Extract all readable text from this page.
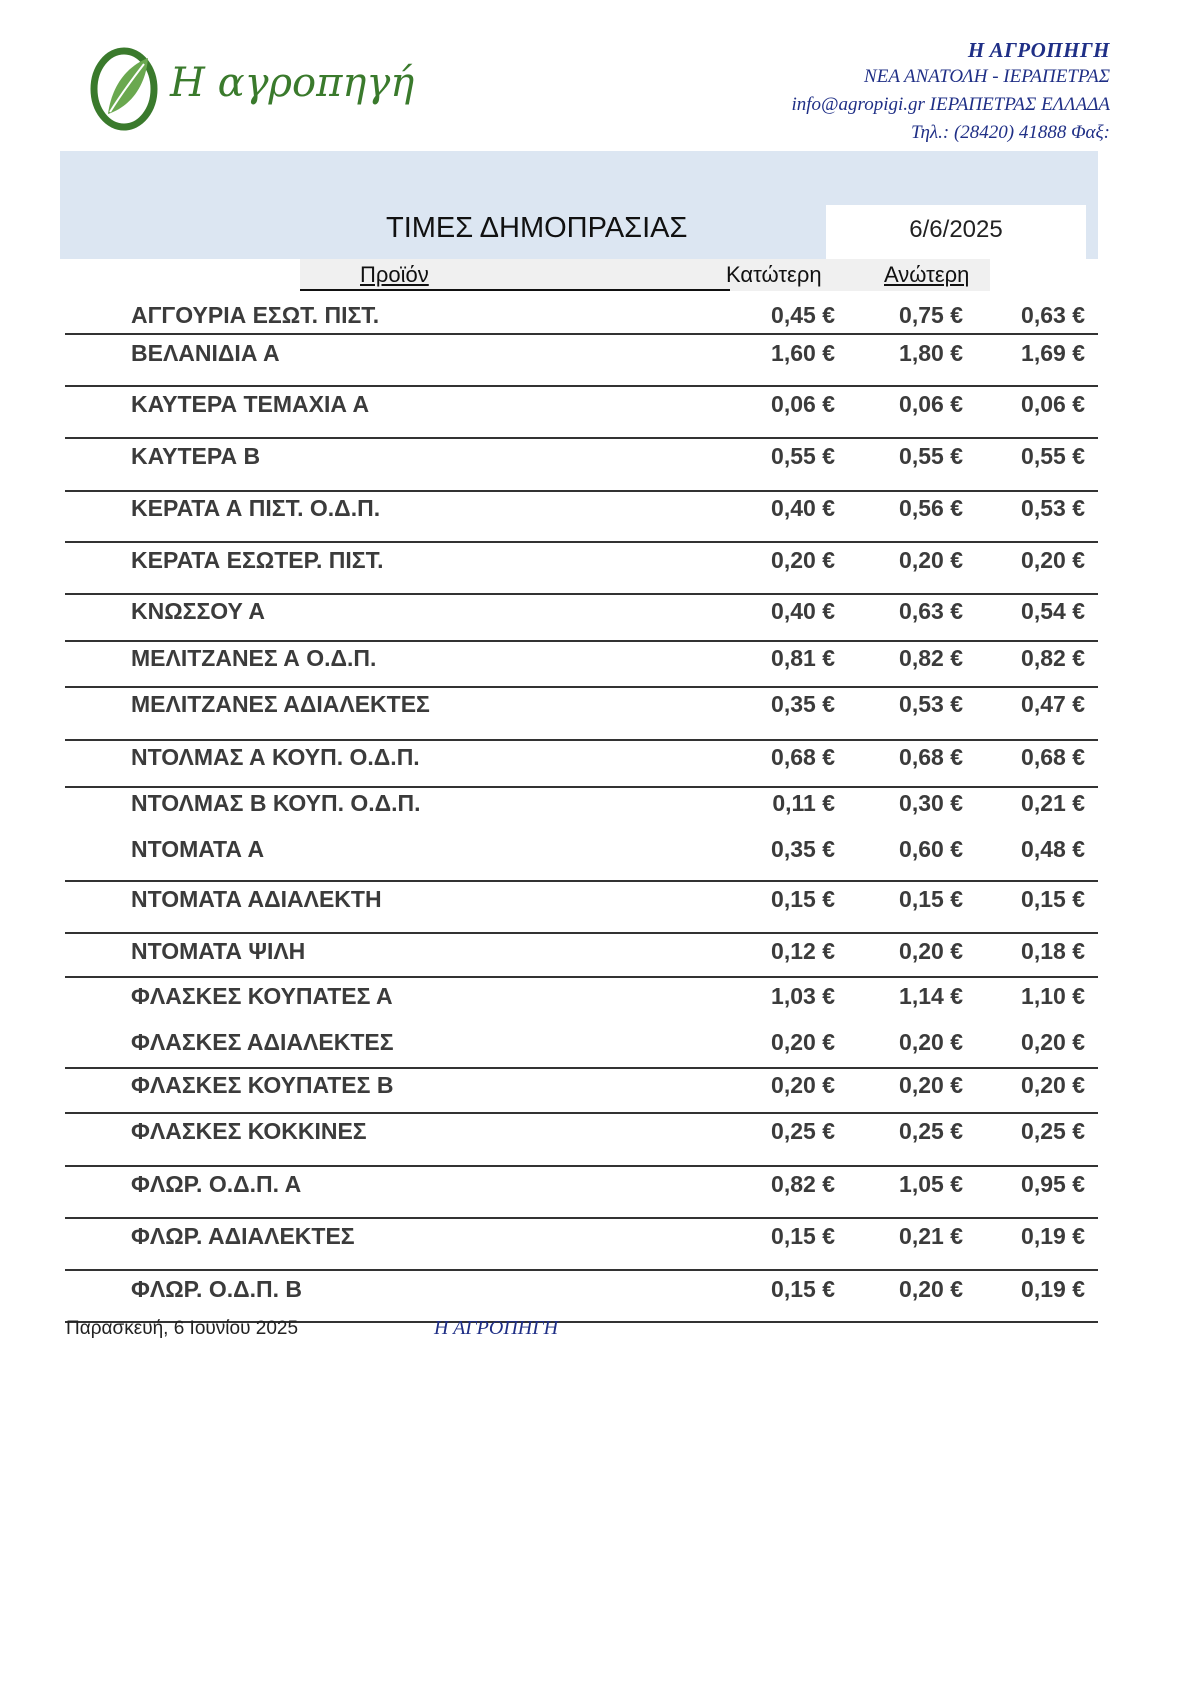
Η αγροπηγή
Η ΑΓΡΟΠΗΓΗ
ΝΕΑ ΑΝΑΤΟΛΗ - ΙΕΡΑΠΕΤΡΑΣ
info@agropigi.gr ΙΕΡΑΠΕΤΡΑΣ ΕΛΛΑΔΑ
Τηλ.: (28420) 41888 Φαξ:
ΤΙΜΕΣ ΔΗΜΟΠΡΑΣΙΑΣ	6/6/2025
Προϊόν	Κατώτερη	Ανώτερη
ΑΓΓΟΥΡΙΑ ΕΣΩΤ. ΠΙΣΤ.	0,45 €	0,75 €	0,63 €
ΒΕΛΑΝΙΔΙΑ Α	1,60 €	1,80 €	1,69 €
ΚΑΥΤΕΡΑ ΤΕΜΑΧΙΑ Α	0,06 €	0,06 €	0,06 €
ΚΑΥΤΕΡΑ Β	0,55 €	0,55 €	0,55 €
ΚΕΡΑΤΑ Α ΠΙΣΤ. Ο.Δ.Π.	0,40 €	0,56 €	0,53 €
ΚΕΡΑΤΑ ΕΣΩΤΕΡ. ΠΙΣΤ.	0,20 €	0,20 €	0,20 €
ΚΝΩΣΣΟΥ Α	0,40 €	0,63 €	0,54 €
ΜΕΛΙΤΖΑΝΕΣ Α Ο.Δ.Π.	0,81 €	0,82 €	0,82 €
ΜΕΛΙΤΖΑΝΕΣ ΑΔΙΑΛΕΚΤΕΣ	0,35 €	0,53 €	0,47 €
ΝΤΟΛΜΑΣ Α ΚΟΥΠ. Ο.Δ.Π.	0,68 €	0,68 €	0,68 €
ΝΤΟΛΜΑΣ Β ΚΟΥΠ. Ο.Δ.Π.	0,11 €	0,30 €	0,21 €
ΝΤΟΜΑΤΑ Α	0,35 €	0,60 €	0,48 €
ΝΤΟΜΑΤΑ ΑΔΙΑΛΕΚΤΗ	0,15 €	0,15 €	0,15 €
ΝΤΟΜΑΤΑ ΨΙΛΗ	0,12 €	0,20 €	0,18 €
ΦΛΑΣΚΕΣ ΚΟΥΠΑΤΕΣ Α	1,03 €	1,14 €	1,10 €
ΦΛΑΣΚΕΣ ΑΔΙΑΛΕΚΤΕΣ	0,20 €	0,20 €	0,20 €
ΦΛΑΣΚΕΣ ΚΟΥΠΑΤΕΣ Β	0,20 €	0,20 €	0,20 €
ΦΛΑΣΚΕΣ ΚΟΚΚΙΝΕΣ	0,25 €	0,25 €	0,25 €
ΦΛΩΡ. Ο.Δ.Π. Α	0,82 €	1,05 €	0,95 €
ΦΛΩΡ. ΑΔΙΑΛΕΚΤΕΣ	0,15 €	0,21 €	0,19 €
ΦΛΩΡ. Ο.Δ.Π. Β	0,15 €	0,20 €	0,19 €
Παρασκευή, 6 Ιουνίου 2025	Η ΑΓΡΟΠΗΓΗ
